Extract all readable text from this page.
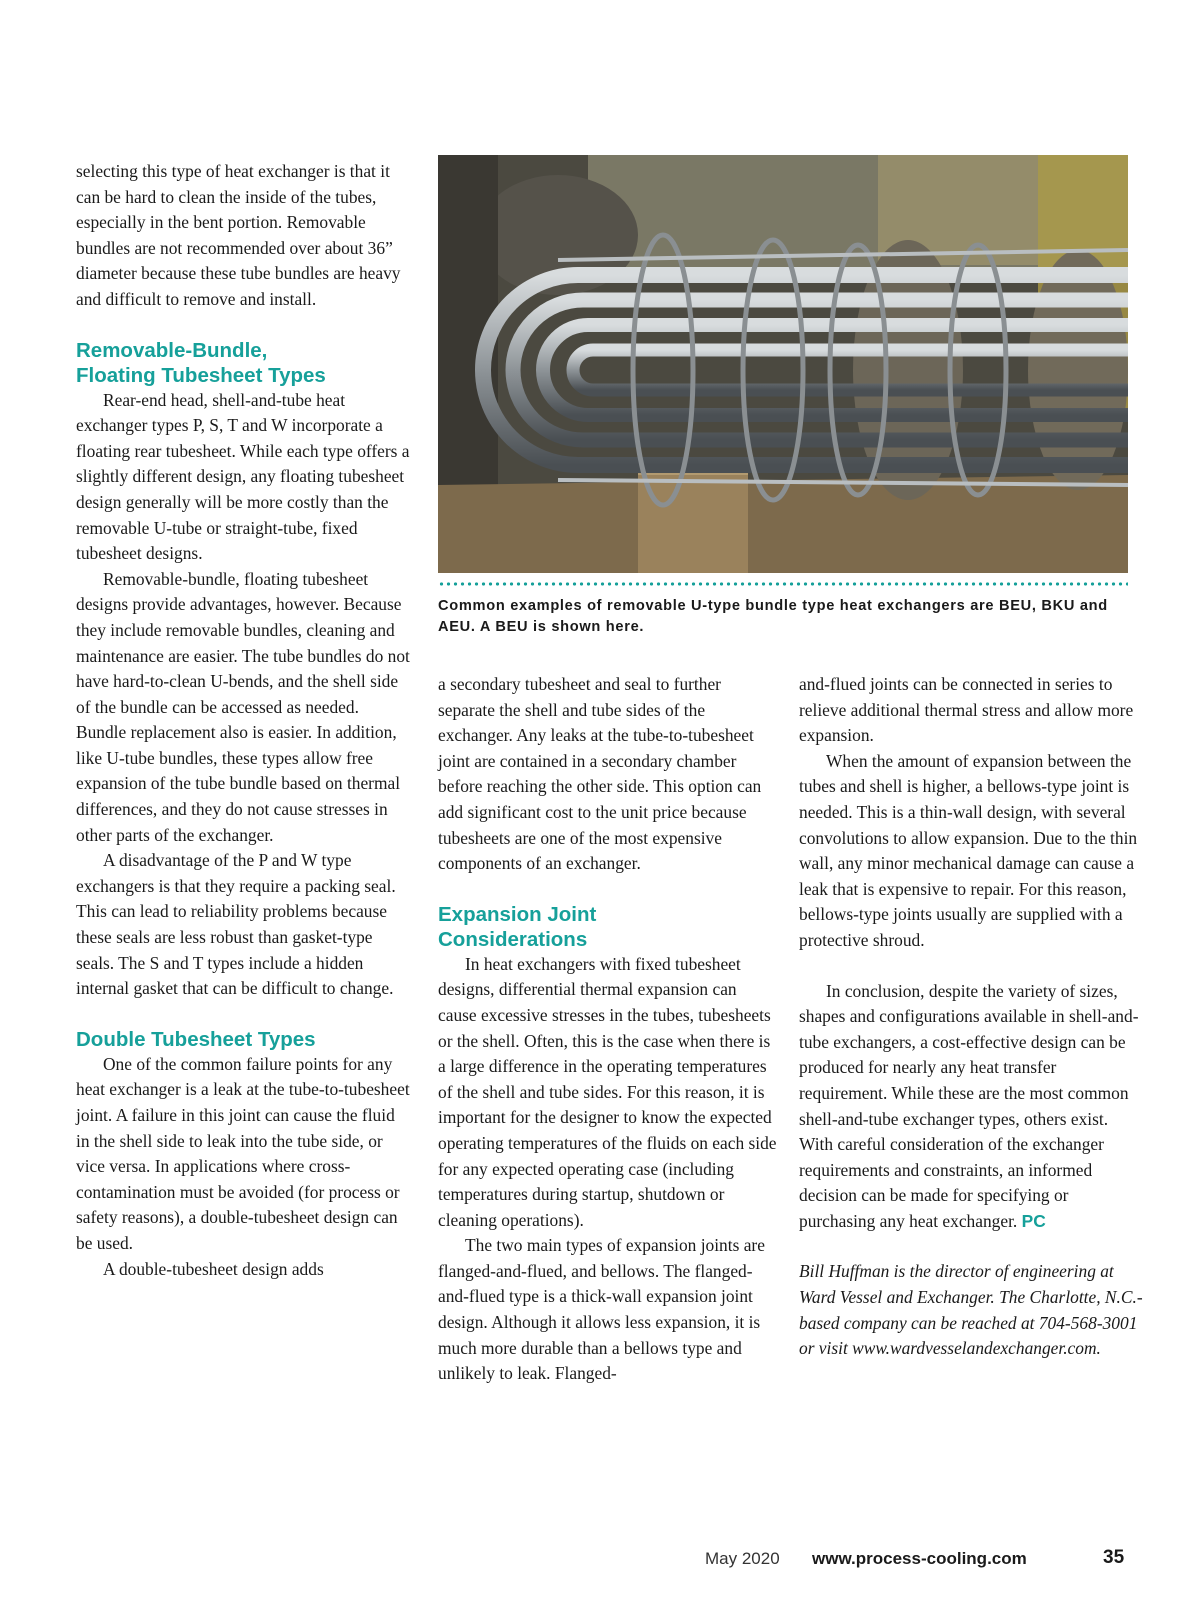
selecting this type of heat exchanger is that it can be hard to clean the inside of the tubes, especially in the bent portion. Removable bundles are not recommended over about 36” diameter because these tube bundles are heavy and difficult to remove and install.

Removable-Bundle,
Floating Tubesheet Types

Rear-end head, shell-and-tube heat exchanger types P, S, T and W incorporate a floating rear tubesheet. While each type offers a slightly different design, any floating tubesheet design generally will be more costly than the removable U-tube or straight-tube, fixed tubesheet designs.

Removable-bundle, floating tubesheet designs provide advantages, however. Because they include removable bundles, cleaning and maintenance are easier. The tube bundles do not have hard-to-clean U-bends, and the shell side of the bundle can be accessed as needed. Bundle replacement also is easier. In addition, like U-tube bundles, these types allow free expansion of the tube bundle based on thermal differences, and they do not cause stresses in other parts of the exchanger.

A disadvantage of the P and W type exchangers is that they require a packing seal. This can lead to reliability problems because these seals are less robust than gasket-type seals. The S and T types include a hidden internal gasket that can be difficult to change.

Double Tubesheet Types

One of the common failure points for any heat exchanger is a leak at the tube-to-tubesheet joint. A failure in this joint can cause the fluid in the shell side to leak into the tube side, or vice versa. In applications where cross-contamination must be avoided (for process or safety reasons), a double-tubesheet design can be used.

A double-tubesheet design adds

Common examples of removable U-type bundle type heat exchangers are BEU, BKU and AEU. A BEU is shown here.

a secondary tubesheet and seal to further separate the shell and tube sides of the exchanger. Any leaks at the tube-to-tubesheet joint are contained in a secondary chamber before reaching the other side. This option can add significant cost to the unit price because tubesheets are one of the most expensive components of an exchanger.

Expansion Joint
Considerations

In heat exchangers with fixed tubesheet designs, differential thermal expansion can cause excessive stresses in the tubes, tubesheets or the shell. Often, this is the case when there is a large difference in the operating temperatures of the shell and tube sides. For this reason, it is important for the designer to know the expected operating temperatures of the fluids on each side for any expected operating case (including temperatures during startup, shutdown or cleaning operations).

The two main types of expansion joints are flanged-and-flued, and bellows. The flanged-and-flued type is a thick-wall expansion joint design. Although it allows less expansion, it is much more durable than a bellows type and unlikely to leak. Flanged-

and-flued joints can be connected in series to relieve additional thermal stress and allow more expansion.

When the amount of expansion between the tubes and shell is higher, a bellows-type joint is needed. This is a thin-wall design, with several convolutions to allow expansion. Due to the thin wall, any minor mechanical damage can cause a leak that is expensive to repair. For this reason, bellows-type joints usually are supplied with a protective shroud.

In conclusion, despite the variety of sizes, shapes and configurations available in shell-and-tube exchangers, a cost-effective design can be produced for nearly any heat transfer requirement. While these are the most common shell-and-tube exchanger types, others exist. With careful consideration of the exchanger requirements and constraints, an informed decision can be made for specifying or purchasing any heat exchanger. PC

Bill Huffman is the director of engineering at Ward Vessel and Exchanger. The Charlotte, N.C.-based company can be reached at 704-568-3001 or visit www.wardvesselandexchanger.com.

May 2020 www.process-cooling.com	35
